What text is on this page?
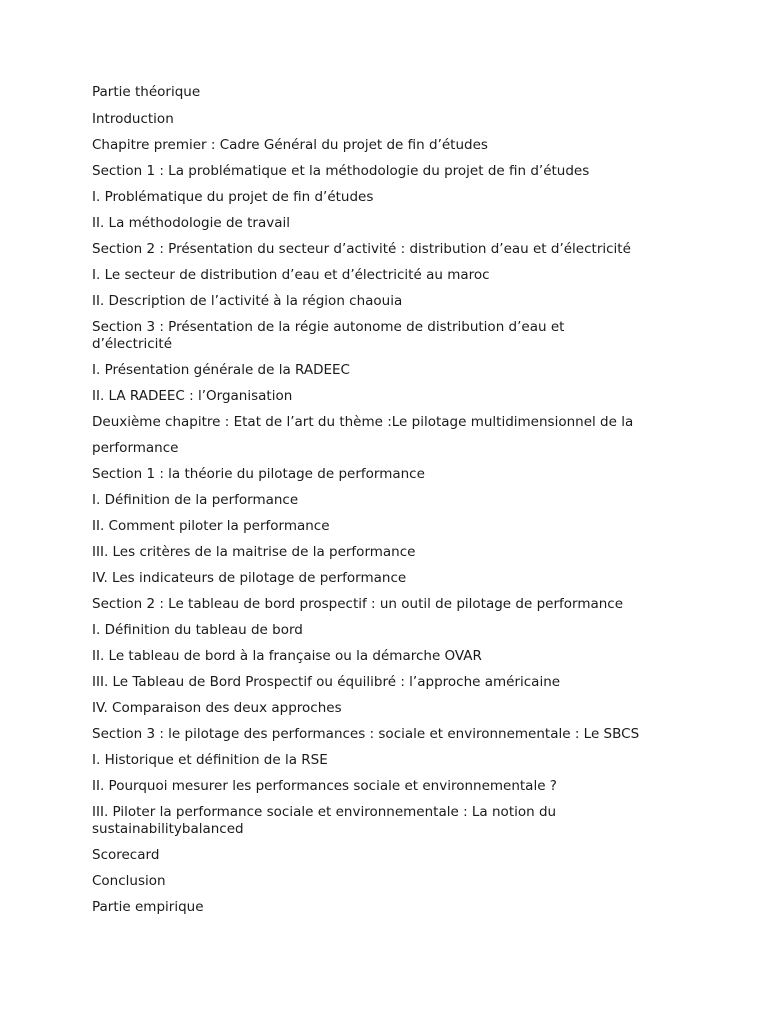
Partie théorique

Introduction

Chapitre premier : Cadre Général du projet de fin d’études

Section 1 : La problématique et la méthodologie du projet de fin d’études

I. Problématique du projet de fin d’études

II. La méthodologie de travail

Section 2 : Présentation du secteur d’activité : distribution d’eau et d’électricité

I. Le secteur de distribution d’eau et d’électricité au maroc

II. Description de l’activité à la région chaouia

Section 3 : Présentation de la régie autonome de distribution d’eau et d’électricité

I. Présentation générale de la RADEEC

II. LA RADEEC : l’Organisation

Deuxième chapitre : Etat de l’art du thème :Le pilotage multidimensionnel de la

performance

Section 1 : la théorie du pilotage de performance

I. Définition de la performance

II. Comment piloter la performance

III. Les critères de la maitrise de la performance

IV. Les indicateurs de pilotage de performance

Section 2 : Le tableau de bord prospectif : un outil de pilotage de performance

I. Définition du tableau de bord

II. Le tableau de bord à la française ou la démarche OVAR

III. Le Tableau de Bord Prospectif ou équilibré : l’approche américaine

IV. Comparaison des deux approches

Section 3 : le pilotage des performances : sociale et environnementale : Le SBCS

I. Historique et définition de la RSE

II. Pourquoi mesurer les performances sociale et environnementale ?

III. Piloter la performance sociale et environnementale : La notion du sustainabilitybalanced

Scorecard

Conclusion

Partie empirique
